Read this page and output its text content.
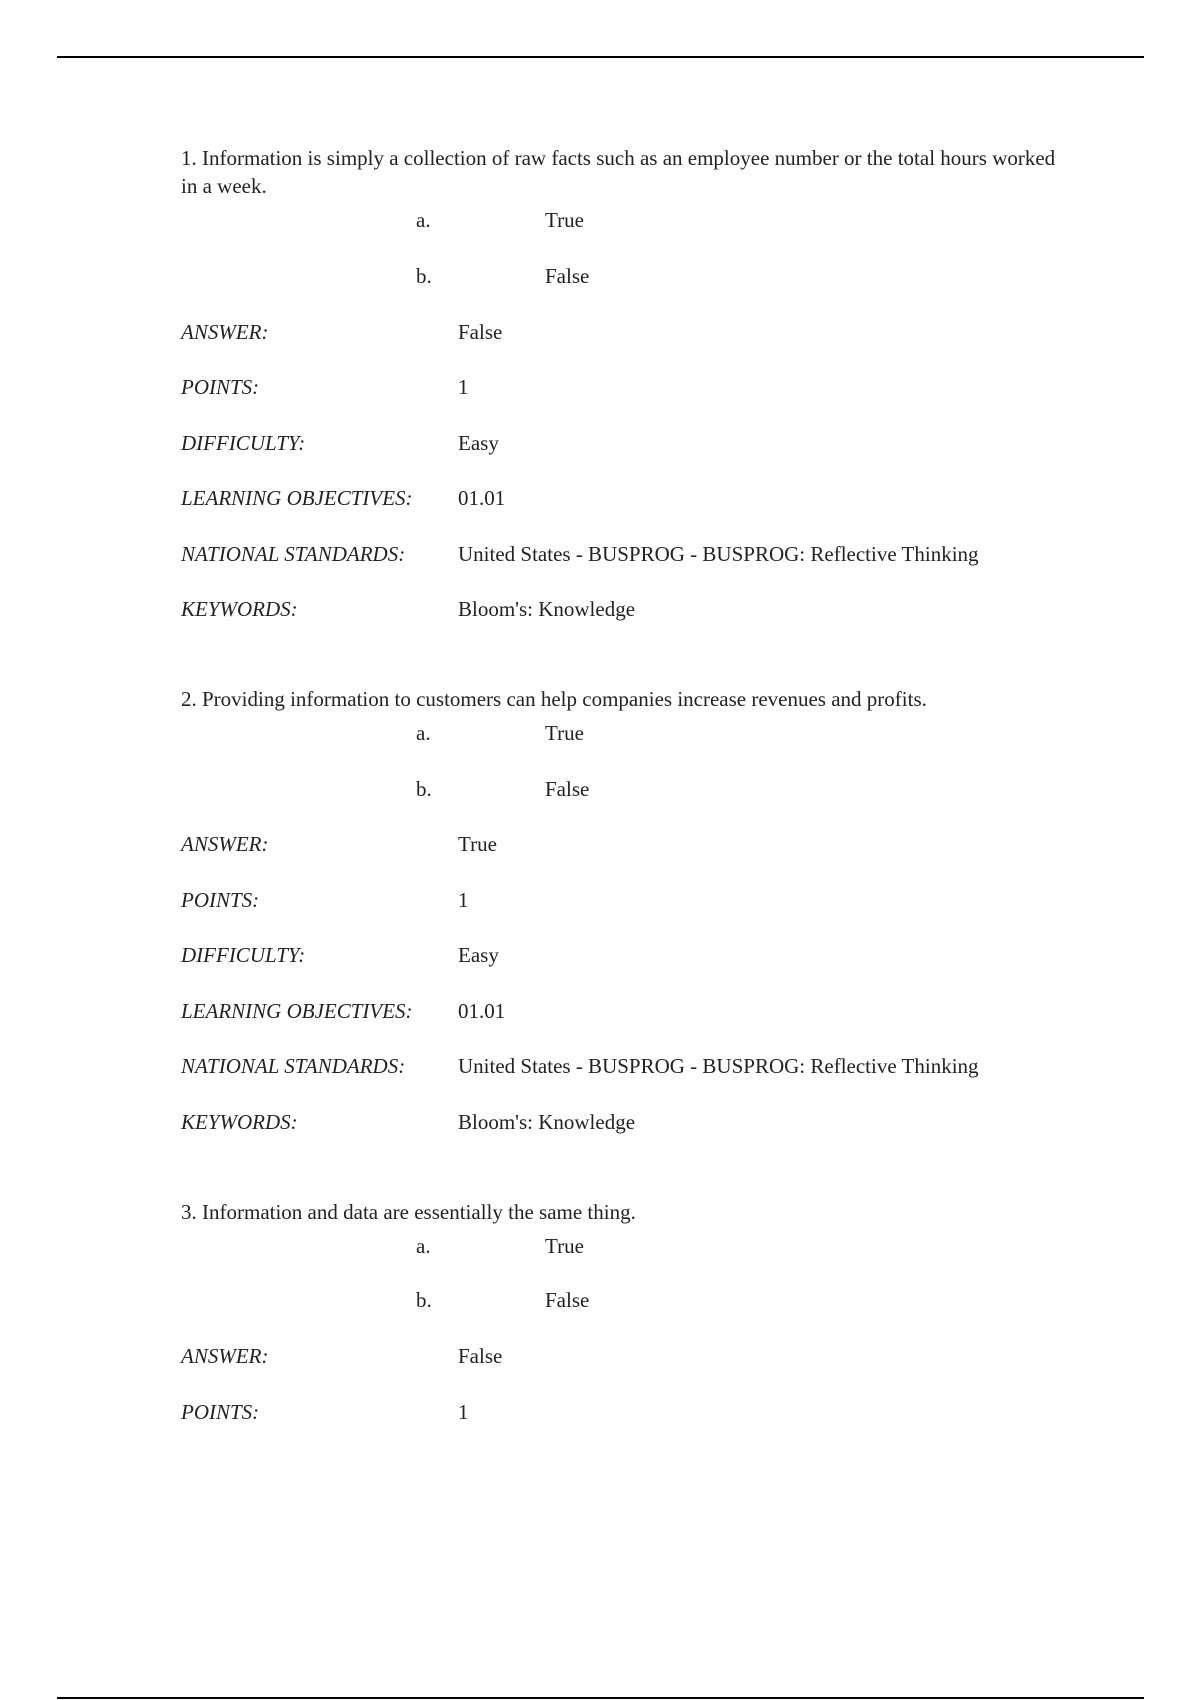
1. Information is simply a collection of raw facts such as an employee number or the total hours worked in a week.

a.	True
b.	False
ANSWER:	False
POINTS:	1
DIFFICULTY:	Easy
LEARNING OBJECTIVES: 01.01
NATIONAL STANDARDS:	United States - BUSPROG - BUSPROG: Reflective Thinking
KEYWORDS:	Bloom's: Knowledge

2. Providing information to customers can help companies increase revenues and profits.

a.	True
b.	False
ANSWER:	True
POINTS:	1
DIFFICULTY:	Easy
LEARNING OBJECTIVES: 01.01
NATIONAL STANDARDS:	United States - BUSPROG - BUSPROG: Reflective Thinking
KEYWORDS:	Bloom's: Knowledge

3. Information and data are essentially the same thing.

a.	True
b.	False
ANSWER:	False
POINTS:	1
